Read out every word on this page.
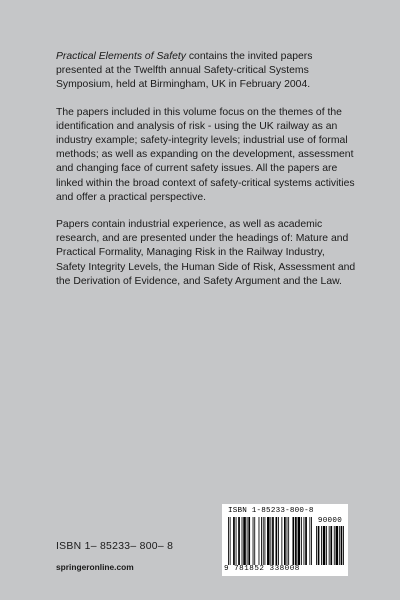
Practical Elements of Safety contains the invited papers presented at the Twelfth annual Safety-critical Systems Symposium, held at Birmingham, UK in February 2004.

The papers included in this volume focus on the themes of the identification and analysis of risk - using the UK railway as an industry example; safety-integrity levels; industrial use of formal methods; as well as expanding on the development, assessment and changing face of current safety issues. All the papers are linked within the broad context of safety-critical systems activities and offer a practical perspective.

Papers contain industrial experience, as well as academic research, and are presented under the headings of: Mature and Practical Formality, Managing Risk in the Railway Industry, Safety Integrity Levels, the Human Side of Risk, Assessment and the Derivation of Evidence, and Safety Argument and the Law.

ISBN 1-85233-800-8
90000
9 781852 338008
ISBN 1– 85233– 800– 8
springeronline.com
